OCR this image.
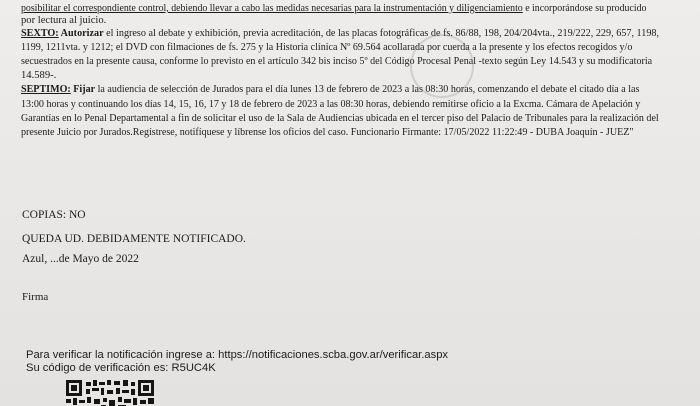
posibilitar el correspondiente control, debiendo llevar a cabo las medidas necesarias para la instrumentación y diligenciamiento e incorporándose su producido
por lectura al juicio.
SEXTO: Autorizar el ingreso al debate y exhibición, previa acreditación, de las placas fotográficas de fs. 86/88, 198, 204/204vta., 219/222, 229, 657, 1198,
1199, 1211vta. y 1212; el DVD con filmaciones de fs. 275 y la Historia clínica Nº 69.564 acollarada por cuerda a la presente y los efectos recogidos y/o
secuestrados en la presente causa, conforme lo previsto en el artículo 342 bis inciso 5º del Código Procesal Penal -texto según Ley 14.543 y su modificatoria
14.589-.
SEPTIMO: Fijar la audiencia de selección de Jurados para el día lunes 13 de febrero de 2023 a las 08:30 horas, comenzando el debate el citado día a las
13:00 horas y continuando los días 14, 15, 16, 17 y 18 de febrero de 2023 a las 08:30 horas, debiendo remitirse oficio a la Excma. Cámara de Apelación y
Garantías en lo Penal Departamental a fin de solicitar el uso de la Sala de Audiencias ubicada en el tercer piso del Palacio de Tribunales para la realización del
presente Juicio por Jurados.Regístrese, notifíquese y líbrense los oficios del caso. Funcionario Firmante: 17/05/2022 11:22:49 - DUBA Joaquín - JUEZ"
COPIAS: NO
QUEDA UD. DEBIDAMENTE NOTIFICADO.
Azul, ...de Mayo de 2022
Firma
Para verificar la notificación ingrese a: https://notificaciones.scba.gov.ar/verificar.aspx
Su código de verificación es: R5UC4K
